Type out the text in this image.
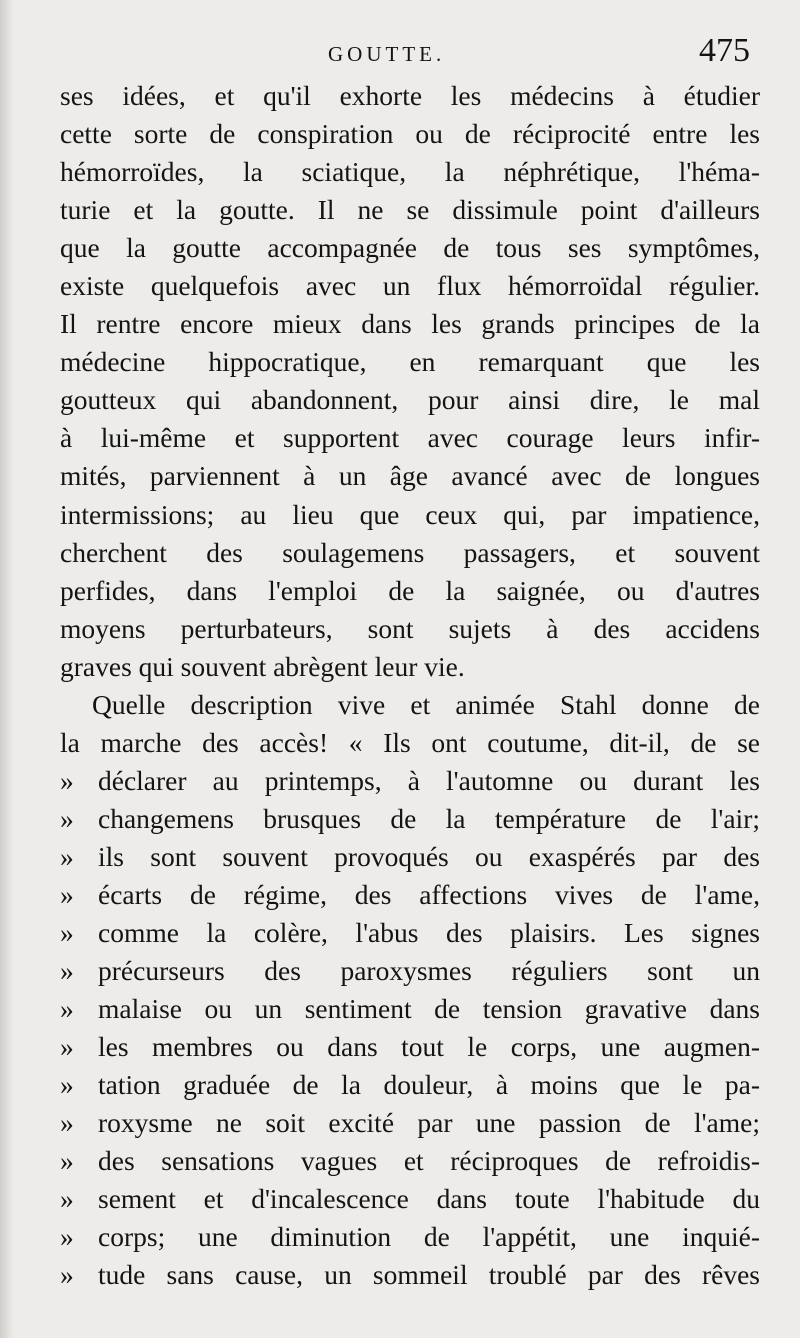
GOUTTE.	475
ses idées, et qu'il exhorte les médecins à étudier
cette sorte de conspiration ou de réciprocité entre les
hémorroïdes, la sciatique, la néphrétique, l'héma-
turie et la goutte. Il ne se dissimule point d'ailleurs
que la goutte accompagnée de tous ses symptômes,
existe quelquefois avec un flux hémorroïdal régulier.
Il rentre encore mieux dans les grands principes de la
médecine hippocratique, en remarquant que les
goutteux qui abandonnent, pour ainsi dire, le mal
à lui-même et supportent avec courage leurs infir-
mités, parviennent à un âge avancé avec de longues
intermissions; au lieu que ceux qui, par impatience,
cherchent des soulagemens passagers, et souvent
perfides, dans l'emploi de la saignée, ou d'autres
moyens perturbateurs, sont sujets à des accidens
graves qui souvent abrègent leur vie.
Quelle description vive et animée Stahl donne de
la marche des accès! « Ils ont coutume, dit-il, de se
» déclarer au printemps, à l'automne ou durant les
» changemens brusques de la température de l'air;
» ils sont souvent provoqués ou exaspérés par des
» écarts de régime, des affections vives de l'ame,
» comme la colère, l'abus des plaisirs. Les signes
» précurseurs des paroxysmes réguliers sont un
» malaise ou un sentiment de tension gravative dans
» les membres ou dans tout le corps, une augmen-
» tation graduée de la douleur, à moins que le pa-
» roxysme ne soit excité par une passion de l'ame;
» des sensations vagues et réciproques de refroidis-
» sement et d'incalescence dans toute l'habitude du
» corps; une diminution de l'appétit, une inquié-
» tude sans cause, un sommeil troublé par des rêves
